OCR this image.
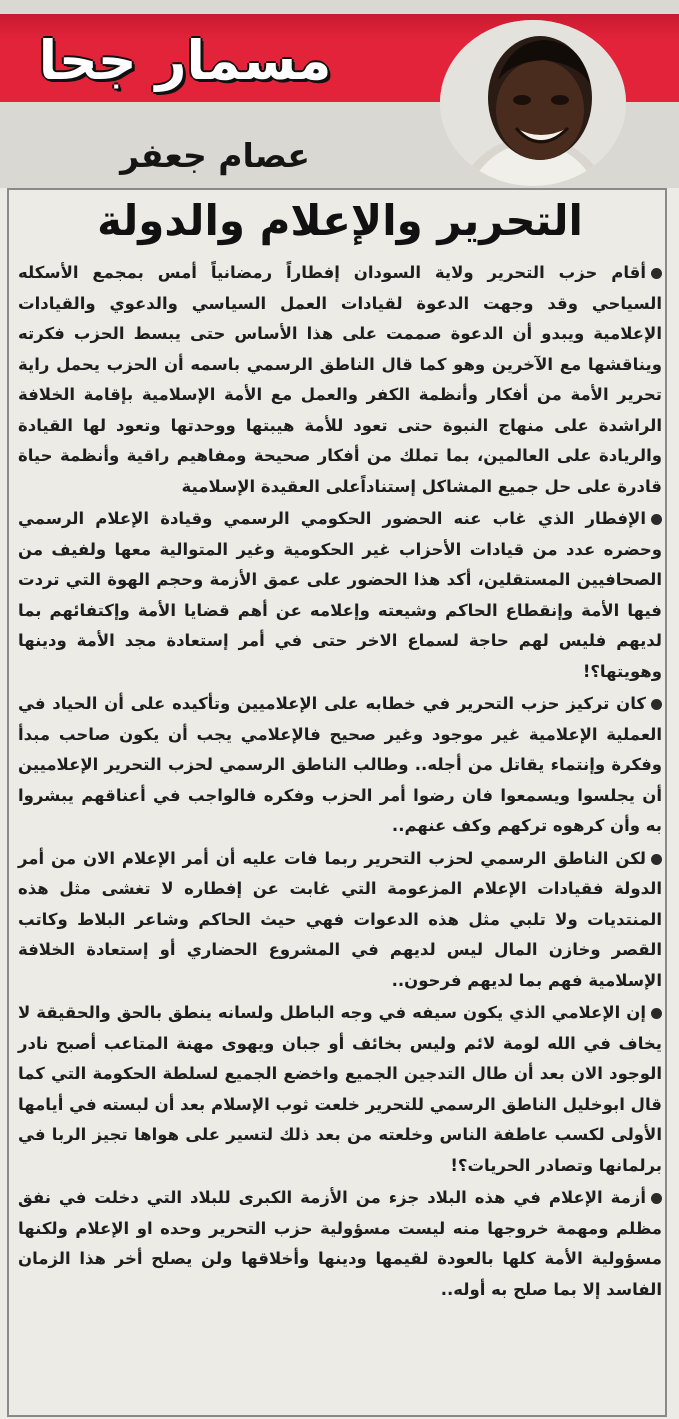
مسمار جحا
عصام جعفر
التحرير والإعلام والدولة

أقام حزب التحرير ولاية السودان إفطاراً رمضانياً أمس بمجمع الأسكله السياحي وقد وجهت الدعوة لقيادات العمل السياسي والدعوي والقيادات الإعلامية ويبدو أن الدعوة صممت على هذا الأساس حتى يبسط الحزب فكرته ويناقشها مع الآخرين وهو كما قال الناطق الرسمي باسمه أن الحزب يحمل راية تحرير الأمة من أفكار وأنظمة الكفر والعمل مع الأمة الإسلامية بإقامة الخلافة الراشدة على منهاج النبوة حتى تعود للأمة هيبتها ووحدتها وتعود لها القيادة والريادة على العالمين، بما تملك من أفكار صحيحة ومفاهيم راقية وأنظمة حياة قادرة على حل جميع المشاكل إستناداًعلى العقيدة الإسلامية

الإفطار الذي غاب عنه الحضور الحكومي الرسمي وقيادة الإعلام الرسمي وحضره عدد من قيادات الأحزاب غير الحكومية وغير المتوالية معها ولفيف من الصحافيين المستقلين، أكد هذا الحضور على عمق الأزمة وحجم الهوة التي تردت فيها الأمة وإنقطاع الحاكم وشيعته وإعلامه عن أهم قضايا الأمة وإكتفائهم بما لديهم فليس لهم حاجة لسماع الاخر حتى في أمر إستعادة مجد الأمة ودينها وهويتها؟!

كان تركيز حزب التحرير في خطابه على الإعلاميين وتأكيده على أن الحياد في العملية الإعلامية غير موجود وغير صحيح فالإعلامي يجب أن يكون صاحب مبدأ وفكرة وإنتماء يقاتل من أجله.. وطالب الناطق الرسمي لحزب التحرير الإعلاميين أن يجلسوا ويسمعوا فان رضوا أمر الحزب وفكره فالواجب في أعناقهم يبشروا به وأن كرهوه تركهم وكف عنهم..

لكن الناطق الرسمي لحزب التحرير ربما فات عليه أن أمر الإعلام الان من أمر الدولة فقيادات الإعلام المزعومة التي غابت عن إفطاره لا تغشى مثل هذه المنتديات ولا تلبي مثل هذه الدعوات فهي حيث الحاكم وشاعر البلاط وكاتب القصر وخازن المال ليس لديهم في المشروع الحضاري أو إستعادة الخلافة الإسلامية فهم بما لديهم فرحون..

إن الإعلامي الذي يكون سيفه في وجه الباطل ولسانه ينطق بالحق والحقيقة لا يخاف في الله لومة لائم وليس بخائف أو جبان ويهوى مهنة المتاعب أصبح نادر الوجود الان بعد أن طال التدجين الجميع واخضع الجميع لسلطة الحكومة التي كما قال ابوخليل الناطق الرسمي للتحرير خلعت ثوب الإسلام بعد أن لبسته في أيامها الأولى لكسب عاطفة الناس وخلعته من بعد ذلك لتسير على هواها تجيز الربا في برلمانها وتصادر الحريات؟!

أزمة الإعلام في هذه البلاد جزء من الأزمة الكبرى للبلاد التي دخلت في نفق مظلم ومهمة خروجها منه ليست مسؤولية حزب التحرير وحده او الإعلام ولكنها مسؤولية الأمة كلها بالعودة لقيمها ودينها وأخلاقها ولن يصلح أخر هذا الزمان الفاسد إلا بما صلح به أوله..
